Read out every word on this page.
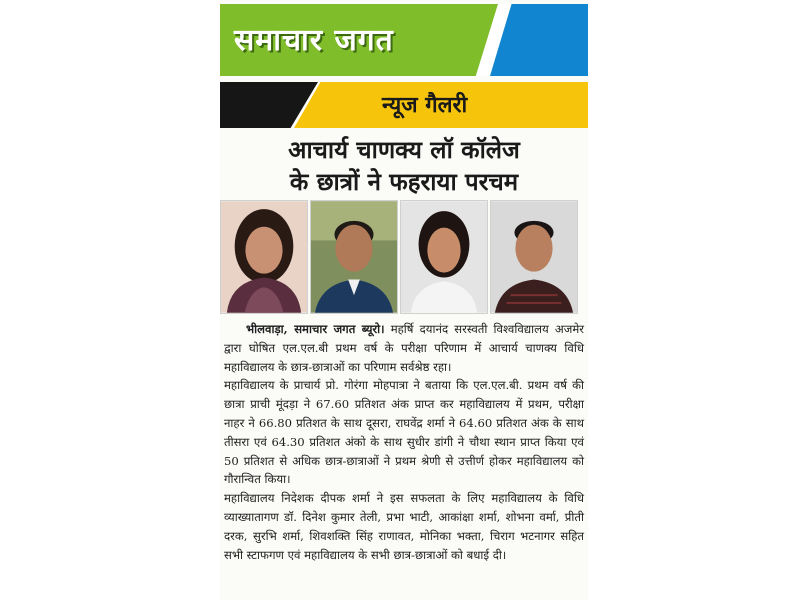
समाचार जगत
न्यूज गैलरी
आचार्य चाणक्य लॉ कॉलेज
के छात्रों ने फहराया परचम

भीलवाड़ा, समाचार जगत ब्यूरो। महर्षि दयानंद सरस्वती विश्वविद्यालय अजमेर द्वारा घोषित एल.एल.बी प्रथम वर्ष के परीक्षा परिणाम में आचार्य चाणक्य विधि महाविद्यालय के छात्र-छात्राओं का परिणाम सर्वश्रेष्ठ रहा।

महाविद्यालय के प्राचार्य प्रो. गोरंगा मोहपात्रा ने बताया कि एल.एल.बी. प्रथम वर्ष की छात्रा प्राची मूंदड़ा ने 67.60 प्रतिशत अंक प्राप्त कर महाविद्यालय में प्रथम, परीक्षा नाहर ने 66.80 प्रतिशत के साथ दूसरा, राघवेंद्र शर्मा ने 64.60 प्रतिशत अंक के साथ तीसरा एवं 64.30 प्रतिशत अंको के साथ सुधीर डांगी ने चौथा स्थान प्राप्त किया एवं 50 प्रतिशत से अधिक छात्र-छात्राओं ने प्रथम श्रेणी से उत्तीर्ण होकर महाविद्यालय को गौरान्वित किया।

महाविद्यालय निदेशक दीपक शर्मा ने इस सफलता के लिए महाविद्यालय के विधि व्याख्यातागण डॉ. दिनेश कुमार तेली, प्रभा भाटी, आकांक्षा शर्मा, शोभना वर्मा, प्रीती दरक, सुरभि शर्मा, शिवशक्ति सिंह राणावत, मोनिका भक्ता, चिराग भटनागर सहित सभी स्टाफगण एवं महाविद्यालय के सभी छात्र-छात्राओं को बधाई दी।
